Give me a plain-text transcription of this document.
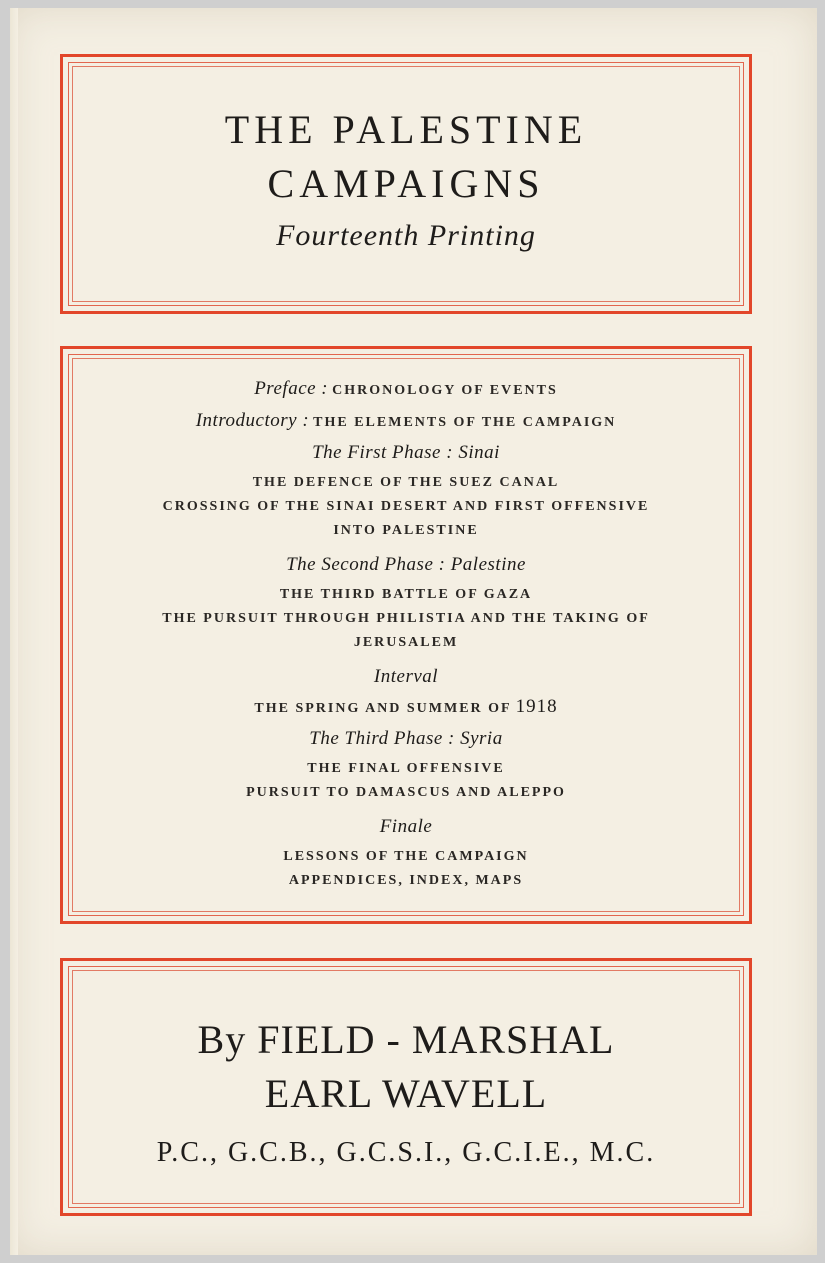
THE PALESTINE

CAMPAIGNS

Fourteenth Printing

Preface : CHRONOLOGY OF EVENTS

Introductory : THE ELEMENTS OF THE CAMPAIGN

The First Phase : Sinai

THE DEFENCE OF THE SUEZ CANAL

CROSSING OF THE SINAI DESERT AND FIRST OFFENSIVE

INTO PALESTINE

The Second Phase : Palestine

THE THIRD BATTLE OF GAZA

THE PURSUIT THROUGH PHILISTIA AND THE TAKING OF

JERUSALEM

Interval

THE SPRING AND SUMMER OF 1918

The Third Phase : Syria

THE FINAL OFFENSIVE

PURSUIT TO DAMASCUS AND ALEPPO

Finale

LESSONS OF THE CAMPAIGN

APPENDICES, INDEX, MAPS

By FIELD - MARSHAL

EARL WAVELL

P.C., G.C.B., G.C.S.I., G.C.I.E., M.C.
